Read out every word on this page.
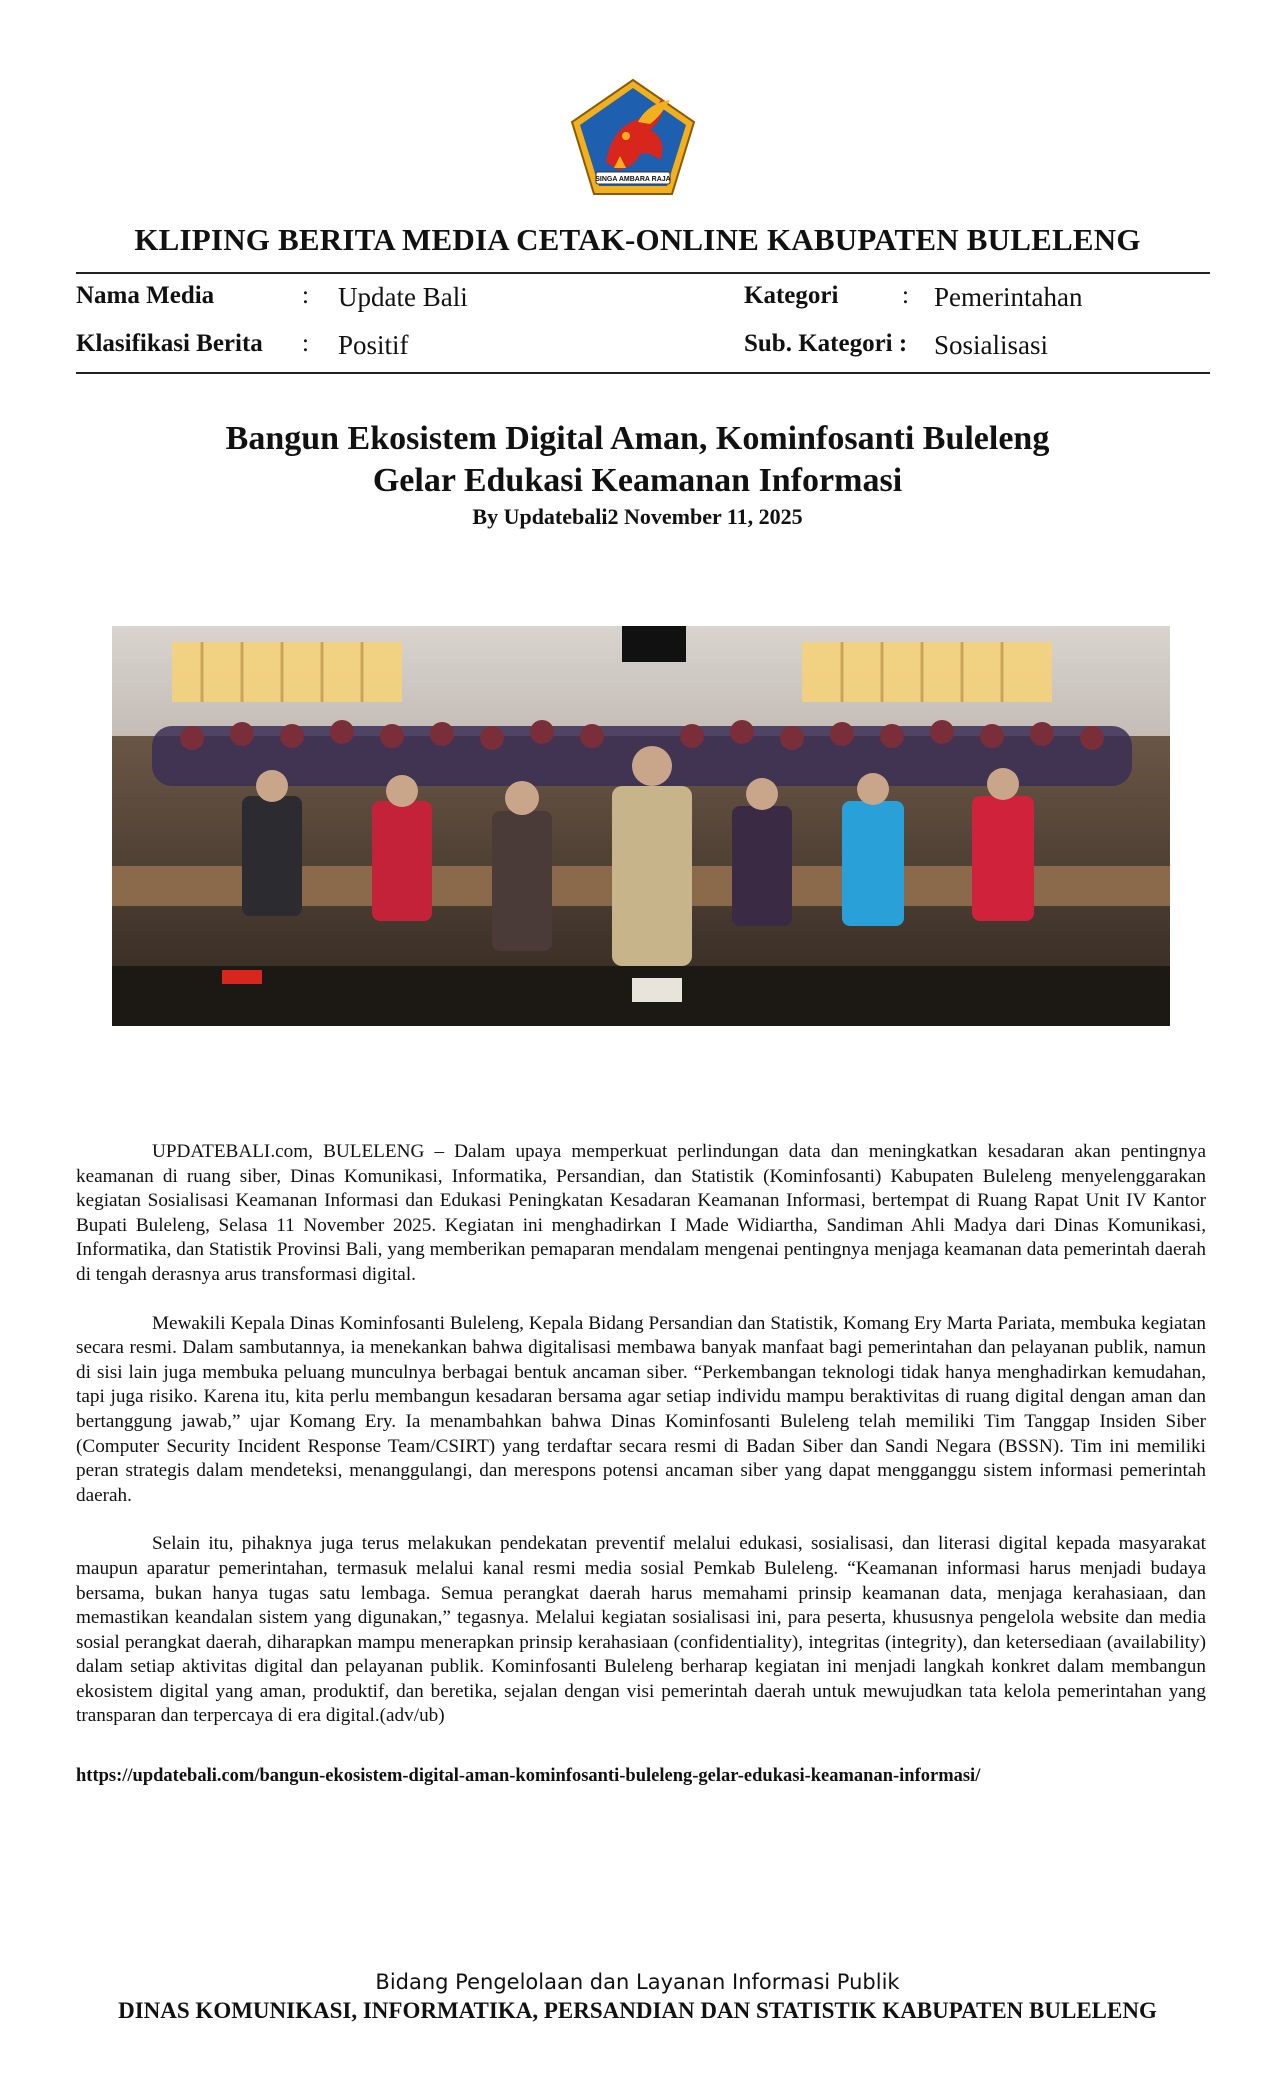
SINGA AMBARA RAJA
KLIPING BERITA MEDIA CETAK-ONLINE KABUPATEN BULELENG
Nama Media	: Update Bali	Kategori	: Pemerintahan
Klasifikasi Berita : Positif	Sub. Kategori : Sosialisasi
Bangun Ekosistem Digital Aman, Kominfosanti Buleleng
Gelar Edukasi Keamanan Informasi
By Updatebali2 November 11, 2025

UPDATEBALI.com, BULELENG – Dalam upaya memperkuat perlindungan data dan meningkatkan kesadaran akan pentingnya keamanan di ruang siber, Dinas Komunikasi, Informatika, Persandian, dan Statistik (Kominfosanti) Kabupaten Buleleng menyelenggarakan kegiatan Sosialisasi Keamanan Informasi dan Edukasi Peningkatan Kesadaran Keamanan Informasi, bertempat di Ruang Rapat Unit IV Kantor Bupati Buleleng, Selasa 11 November 2025. Kegiatan ini menghadirkan I Made Widiartha, Sandiman Ahli Madya dari Dinas Komunikasi, Informatika, dan Statistik Provinsi Bali, yang memberikan pemaparan mendalam mengenai pentingnya menjaga keamanan data pemerintah daerah di tengah derasnya arus transformasi digital.

Mewakili Kepala Dinas Kominfosanti Buleleng, Kepala Bidang Persandian dan Statistik, Komang Ery Marta Pariata, membuka kegiatan secara resmi. Dalam sambutannya, ia menekankan bahwa digitalisasi membawa banyak manfaat bagi pemerintahan dan pelayanan publik, namun di sisi lain juga membuka peluang munculnya berbagai bentuk ancaman siber. “Perkembangan teknologi tidak hanya menghadirkan kemudahan, tapi juga risiko. Karena itu, kita perlu membangun kesadaran bersama agar setiap individu mampu beraktivitas di ruang digital dengan aman dan bertanggung jawab,” ujar Komang Ery. Ia menambahkan bahwa Dinas Kominfosanti Buleleng telah memiliki Tim Tanggap Insiden Siber (Computer Security Incident Response Team/CSIRT) yang terdaftar secara resmi di Badan Siber dan Sandi Negara (BSSN). Tim ini memiliki peran strategis dalam mendeteksi, menanggulangi, dan merespons potensi ancaman siber yang dapat mengganggu sistem informasi pemerintah daerah.

Selain itu, pihaknya juga terus melakukan pendekatan preventif melalui edukasi, sosialisasi, dan literasi digital kepada masyarakat maupun aparatur pemerintahan, termasuk melalui kanal resmi media sosial Pemkab Buleleng. “Keamanan informasi harus menjadi budaya bersama, bukan hanya tugas satu lembaga. Semua perangkat daerah harus memahami prinsip keamanan data, menjaga kerahasiaan, dan memastikan keandalan sistem yang digunakan,” tegasnya. Melalui kegiatan sosialisasi ini, para peserta, khususnya pengelola website dan media sosial perangkat daerah, diharapkan mampu menerapkan prinsip kerahasiaan (confidentiality), integritas (integrity), dan ketersediaan (availability) dalam setiap aktivitas digital dan pelayanan publik. Kominfosanti Buleleng berharap kegiatan ini menjadi langkah konkret dalam membangun ekosistem digital yang aman, produktif, dan beretika, sejalan dengan visi pemerintah daerah untuk mewujudkan tata kelola pemerintahan yang transparan dan terpercaya di era digital.(adv/ub)

https://updatebali.com/bangun-ekosistem-digital-aman-kominfosanti-buleleng-gelar-edukasi-keamanan-informasi/
Bidang Pengelolaan dan Layanan Informasi Publik
DINAS KOMUNIKASI, INFORMATIKA, PERSANDIAN DAN STATISTIK KABUPATEN BULELENG
